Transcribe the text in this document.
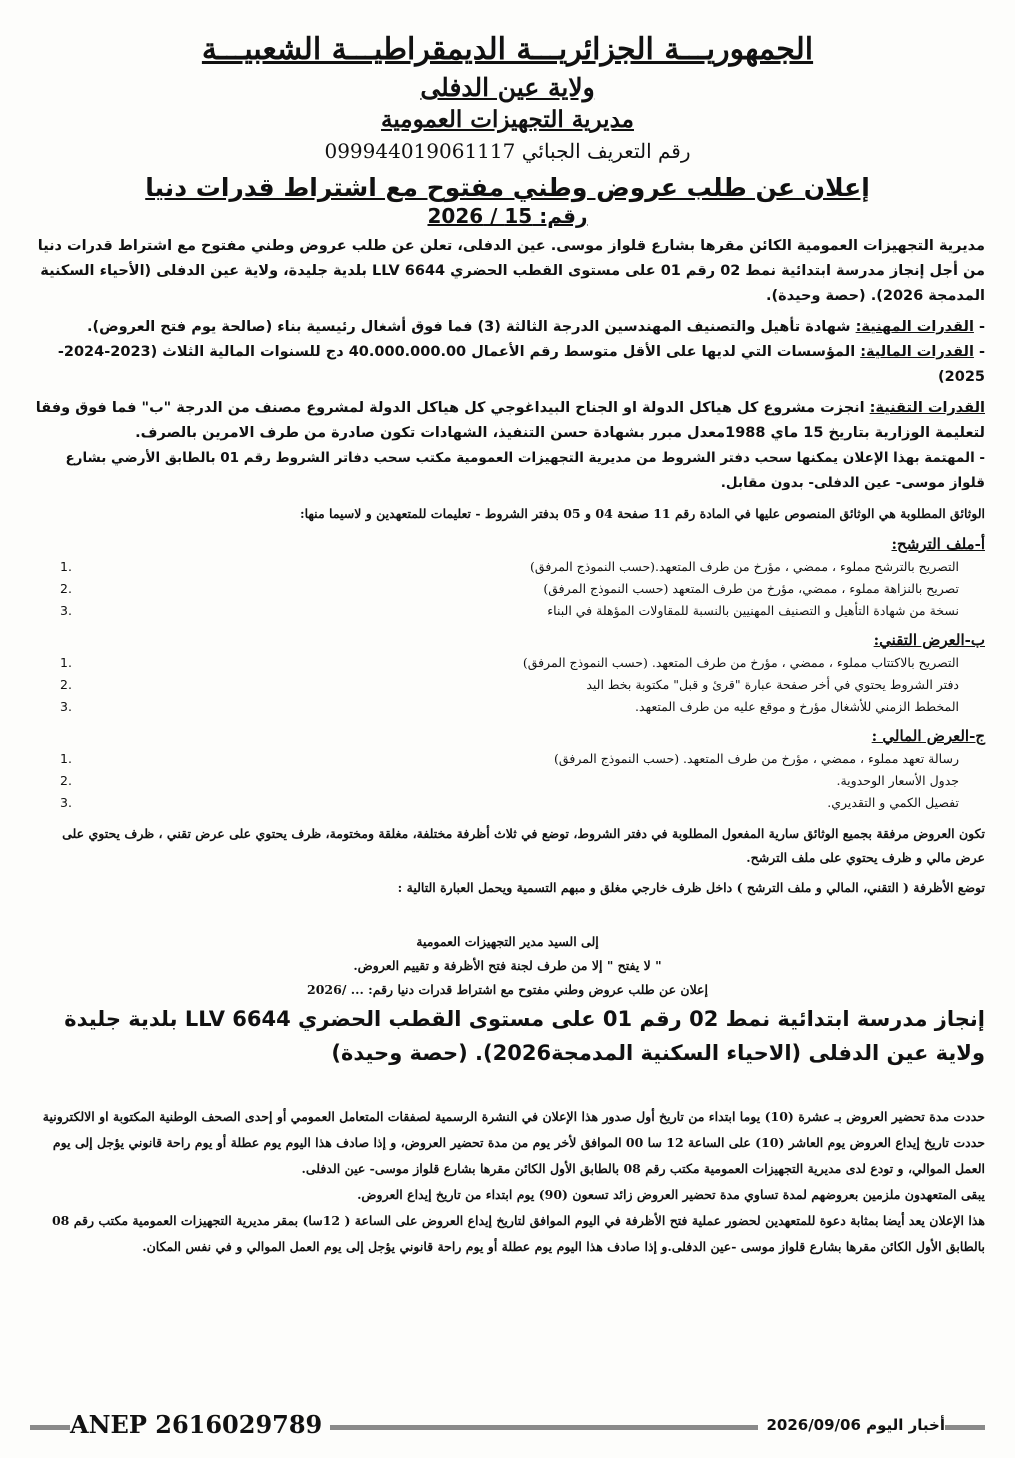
الجمهوريـــة الجزائريـــة الديمقراطيـــة الشعبيـــة
ولاية عين الدفلى
مديرية التجهيزات العمومية
رقم التعريف الجبائي 099944019061117
إعلان عن طلب عروض وطني مفتوح مع اشتراط قدرات دنيا
رقم: 15 / 2026
مديرية التجهيزات العمومية الكائن مقرها بشارع قلواز موسى. عين الدفلى، تعلن عن طلب عروض وطني مفتوح مع اشتراط قدرات دنيا من أجل إنجاز مدرسة ابتدائية نمط 02 رقم 01 على مستوى القطب الحضري 6644 LLV بلدية جليدة، ولاية عين الدفلى (الأحياء السكنية المدمجة 2026). (حصة وحيدة).
- القدرات المهنية: شهادة تأهيل والتصنيف المهندسين الدرجة الثالثة (3) فما فوق أشغال رئيسية بناء (صالحة يوم فتح العروض).
- القدرات المالية: المؤسسات التي لديها على الأقل متوسط رقم الأعمال 40.000.000.00 دج للسنوات المالية الثلاث (2023-2024-2025)
القدرات التقنية: انجزت مشروع كل هياكل الدولة او الجناح البيداغوجي كل هياكل الدولة لمشروع مصنف من الدرجة "ب" فما فوق وفقا لتعليمة الوزارية بتاريخ 15 ماي 1988معدل مبرر بشهادة حسن التنفيذ، الشهادات تكون صادرة من طرف الامرين بالصرف.
- المهتمة بهذا الإعلان يمكنها سحب دفتر الشروط من مديرية التجهيزات العمومية مكتب سحب دفاتر الشروط رقم 01 بالطابق الأرضي بشارع قلواز موسى- عين الدفلى- بدون مقابل.
الوثائق المطلوبة هي الوثائق المنصوص عليها في المادة رقم 11 صفحة 04 و 05 بدفتر الشروط - تعليمات للمتعهدين و لاسيما منها:
أ-ملف الترشح:
1.	التصريح بالترشح مملوء ، ممضي ، مؤرخ من طرف المتعهد.(حسب النموذج المرفق)
2.	تصريح بالنزاهة مملوء ، ممضي، مؤرخ من طرف المتعهد (حسب النموذج المرفق)
3.	نسخة من شهادة التأهيل و التصنيف المهنيين بالنسبة للمقاولات المؤهلة في البناء
ب-العرض التقني:
1.	التصريح بالاكتتاب مملوء ، ممضي ، مؤرخ من طرف المتعهد. (حسب النموذج المرفق)
2.	دفتر الشروط يحتوي في أخر صفحة عبارة "قرئ و قبل" مكتوبة بخط اليد
3.	المخطط الزمني للأشغال مؤرخ و موقع عليه من طرف المتعهد.
ج-العرض المالي :
1.	رسالة تعهد مملوء ، ممضي ، مؤرخ من طرف المتعهد. (حسب النموذج المرفق)
2.	جدول الأسعار الوحدوية.
3.	تفصيل الكمي و التقديري.
تكون العروض مرفقة بجميع الوثائق سارية المفعول المطلوبة في دفتر الشروط، توضع في ثلاث أظرفة مختلفة، مغلقة ومختومة، ظرف يحتوي على عرض تقني ، ظرف يحتوي على عرض مالي و ظرف يحتوي على ملف الترشح.
توضع الأظرفة ( التقني، المالي و ملف الترشح ) داخل ظرف خارجي مغلق و مبهم التسمية ويحمل العبارة التالية :
إلى السيد مدير التجهيزات العمومية
" لا يفتح " إلا من طرف لجنة فتح الأظرفة و تقييم العروض.
إعلان عن طلب عروض وطني مفتوح مع اشتراط قدرات دنيا رقم: ... /2026
إنجاز مدرسة ابتدائية نمط 02 رقم 01 على مستوى القطب الحضري 6644 LLV بلدية جليدة ولاية عين الدفلى (الاحياء السكنية المدمجة2026). (حصة وحيدة)
حددت مدة تحضير العروض بـ عشرة (10) يوما ابتداء من تاريخ أول صدور هذا الإعلان في النشرة الرسمية لصفقات المتعامل العمومي أو إحدى الصحف الوطنية المكتوبة او الالكترونية
حددت تاريخ إيداع العروض يوم العاشر (10) على الساعة 12 سا 00 الموافق لأخر يوم من مدة تحضير العروض، و إذا صادف هذا اليوم يوم عطلة أو يوم راحة قانوني يؤجل إلى يوم العمل الموالي، و تودع لدى مديرية التجهيزات العمومية مكتب رقم 08 بالطابق الأول الكائن مقرها بشارع قلواز موسى- عين الدفلى.
يبقى المتعهدون ملزمين بعروضهم لمدة تساوي مدة تحضير العروض زائد تسعون (90) يوم ابتداء من تاريخ إيداع العروض.
هذا الإعلان يعد أيضا بمثابة دعوة للمتعهدين لحضور عملية فتح الأظرفة في اليوم الموافق لتاريخ إيداع العروض على الساعة ( 12سا) بمقر مديرية التجهيزات العمومية مكتب رقم 08 بالطابق الأول الكائن مقرها بشارع قلواز موسى -عين الدفلى.و إذا صادف هذا اليوم يوم عطلة أو يوم راحة قانوني يؤجل إلى يوم العمل الموالي و في نفس المكان.
ANEP 2616029789	أخبار اليوم 2026/09/06
